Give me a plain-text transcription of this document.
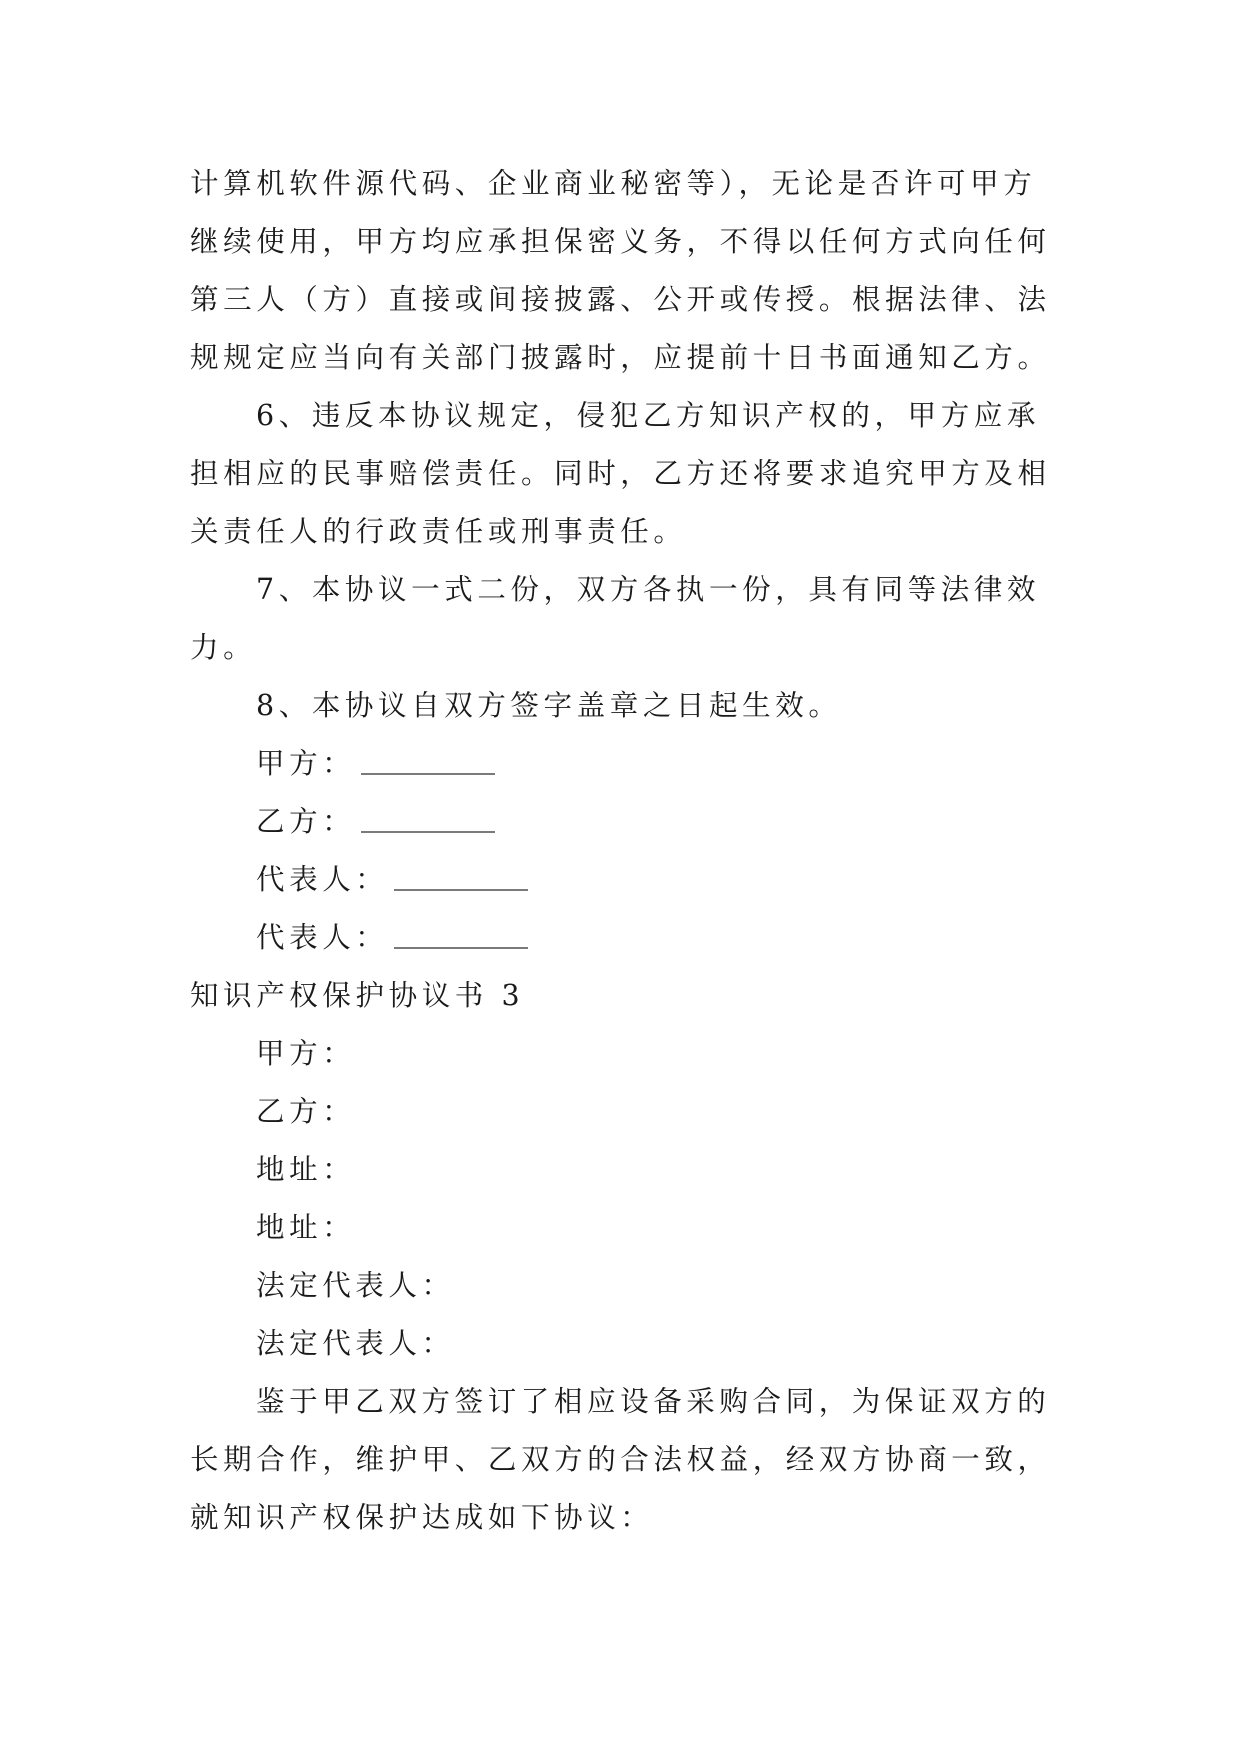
计算机软件源代码、企业商业秘密等），无论是否许可甲方
继续使用，甲方均应承担保密义务，不得以任何方式向任何
第三人（方）直接或间接披露、公开或传授。根据法律、法
规规定应当向有关部门披露时，应提前十日书面通知乙方。
6、违反本协议规定，侵犯乙方知识产权的，甲方应承
担相应的民事赔偿责任。同时，乙方还将要求追究甲方及相
关责任人的行政责任或刑事责任。
7、本协议一式二份，双方各执一份，具有同等法律效
力。
8、本协议自双方签字盖章之日起生效。
甲方：
乙方：
代表人：
代表人：
知识产权保护协议书 3
甲方：
乙方：
地址：
地址：
法定代表人：
法定代表人：
鉴于甲乙双方签订了相应设备采购合同，为保证双方的
长期合作，维护甲、乙双方的合法权益，经双方协商一致，
就知识产权保护达成如下协议：
